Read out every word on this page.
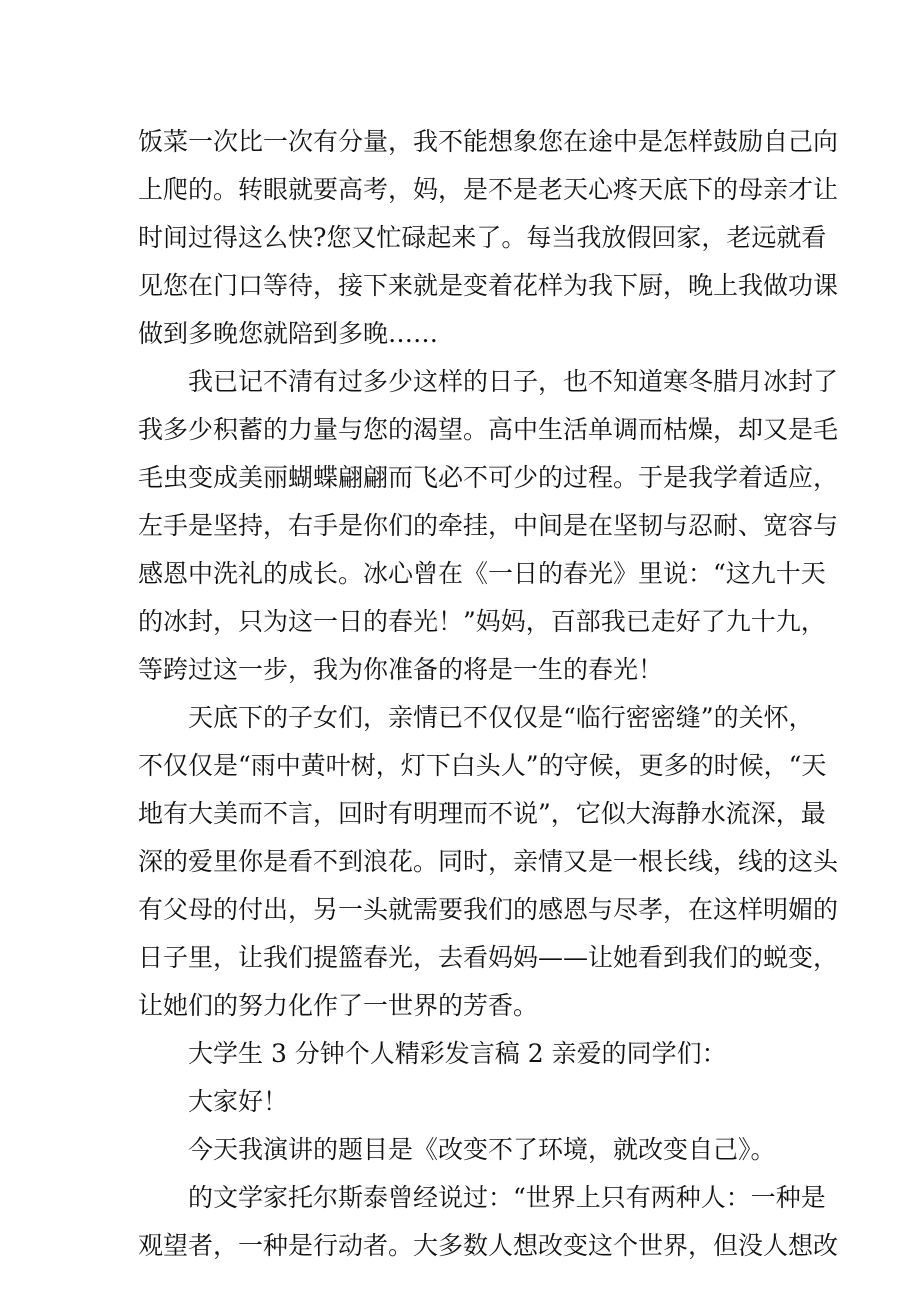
饭菜一次比一次有分量，我不能想象您在途中是怎样鼓励自己向
上爬的。转眼就要高考，妈，是不是老天心疼天底下的母亲才让
时间过得这么快?您又忙碌起来了。每当我放假回家，老远就看
见您在门口等待，接下来就是变着花样为我下厨，晚上我做功课
做到多晚您就陪到多晚……
我已记不清有过多少这样的日子，也不知道寒冬腊月冰封了
我多少积蓄的力量与您的渴望。高中生活单调而枯燥，却又是毛
毛虫变成美丽蝴蝶翩翩而飞必不可少的过程。于是我学着适应，
左手是坚持，右手是你们的牵挂，中间是在坚韧与忍耐、宽容与
感恩中洗礼的成长。冰心曾在《一日的春光》里说：“这九十天
的冰封，只为这一日的春光！”妈妈，百部我已走好了九十九，
等跨过这一步，我为你准备的将是一生的春光！
天底下的子女们，亲情已不仅仅是“临行密密缝”的关怀，
不仅仅是“雨中黄叶树，灯下白头人”的守候，更多的时候，“天
地有大美而不言，回时有明理而不说”，它似大海静水流深，最
深的爱里你是看不到浪花。同时，亲情又是一根长线，线的这头
有父母的付出，另一头就需要我们的感恩与尽孝，在这样明媚的
日子里，让我们提篮春光，去看妈妈——让她看到我们的蜕变，
让她们的努力化作了一世界的芳香。
大学生 3 分钟个人精彩发言稿 2 亲爱的同学们：
大家好！
今天我演讲的题目是《改变不了环境，就改变自己》。
的文学家托尔斯泰曾经说过：“世界上只有两种人：一种是
观望者，一种是行动者。大多数人想改变这个世界，但没人想改
